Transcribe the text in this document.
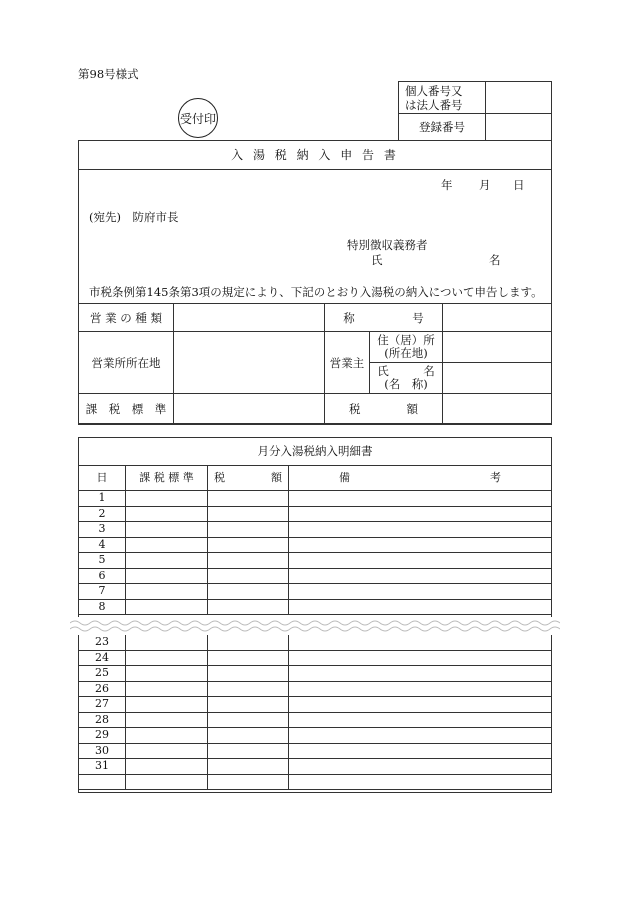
第98号様式
受付印
個人番号又
は法人番号	
登録番号	
入 湯 税 納 入 申 告 書
年 月 日
(宛先)　防府市長
特別徴収義務者
氏	名
市税条例第145条第3項の規定により、下記のとおり入湯税の納入について申告します。
営 業 の 種 類		称　　　　　号		
営業所所在地		営業主	住（居）所
(所在地)	

			氏　　　名
(名　称)	

課　税　標　準		税　　　　額		
月分入湯税納入明細書
日	課 税 標 準	税 額	備 考

1			
2			
3			
4			
5			
6			
7			
8			
23			
24			
25			
26			
27			
28			
29			
30			
31			
